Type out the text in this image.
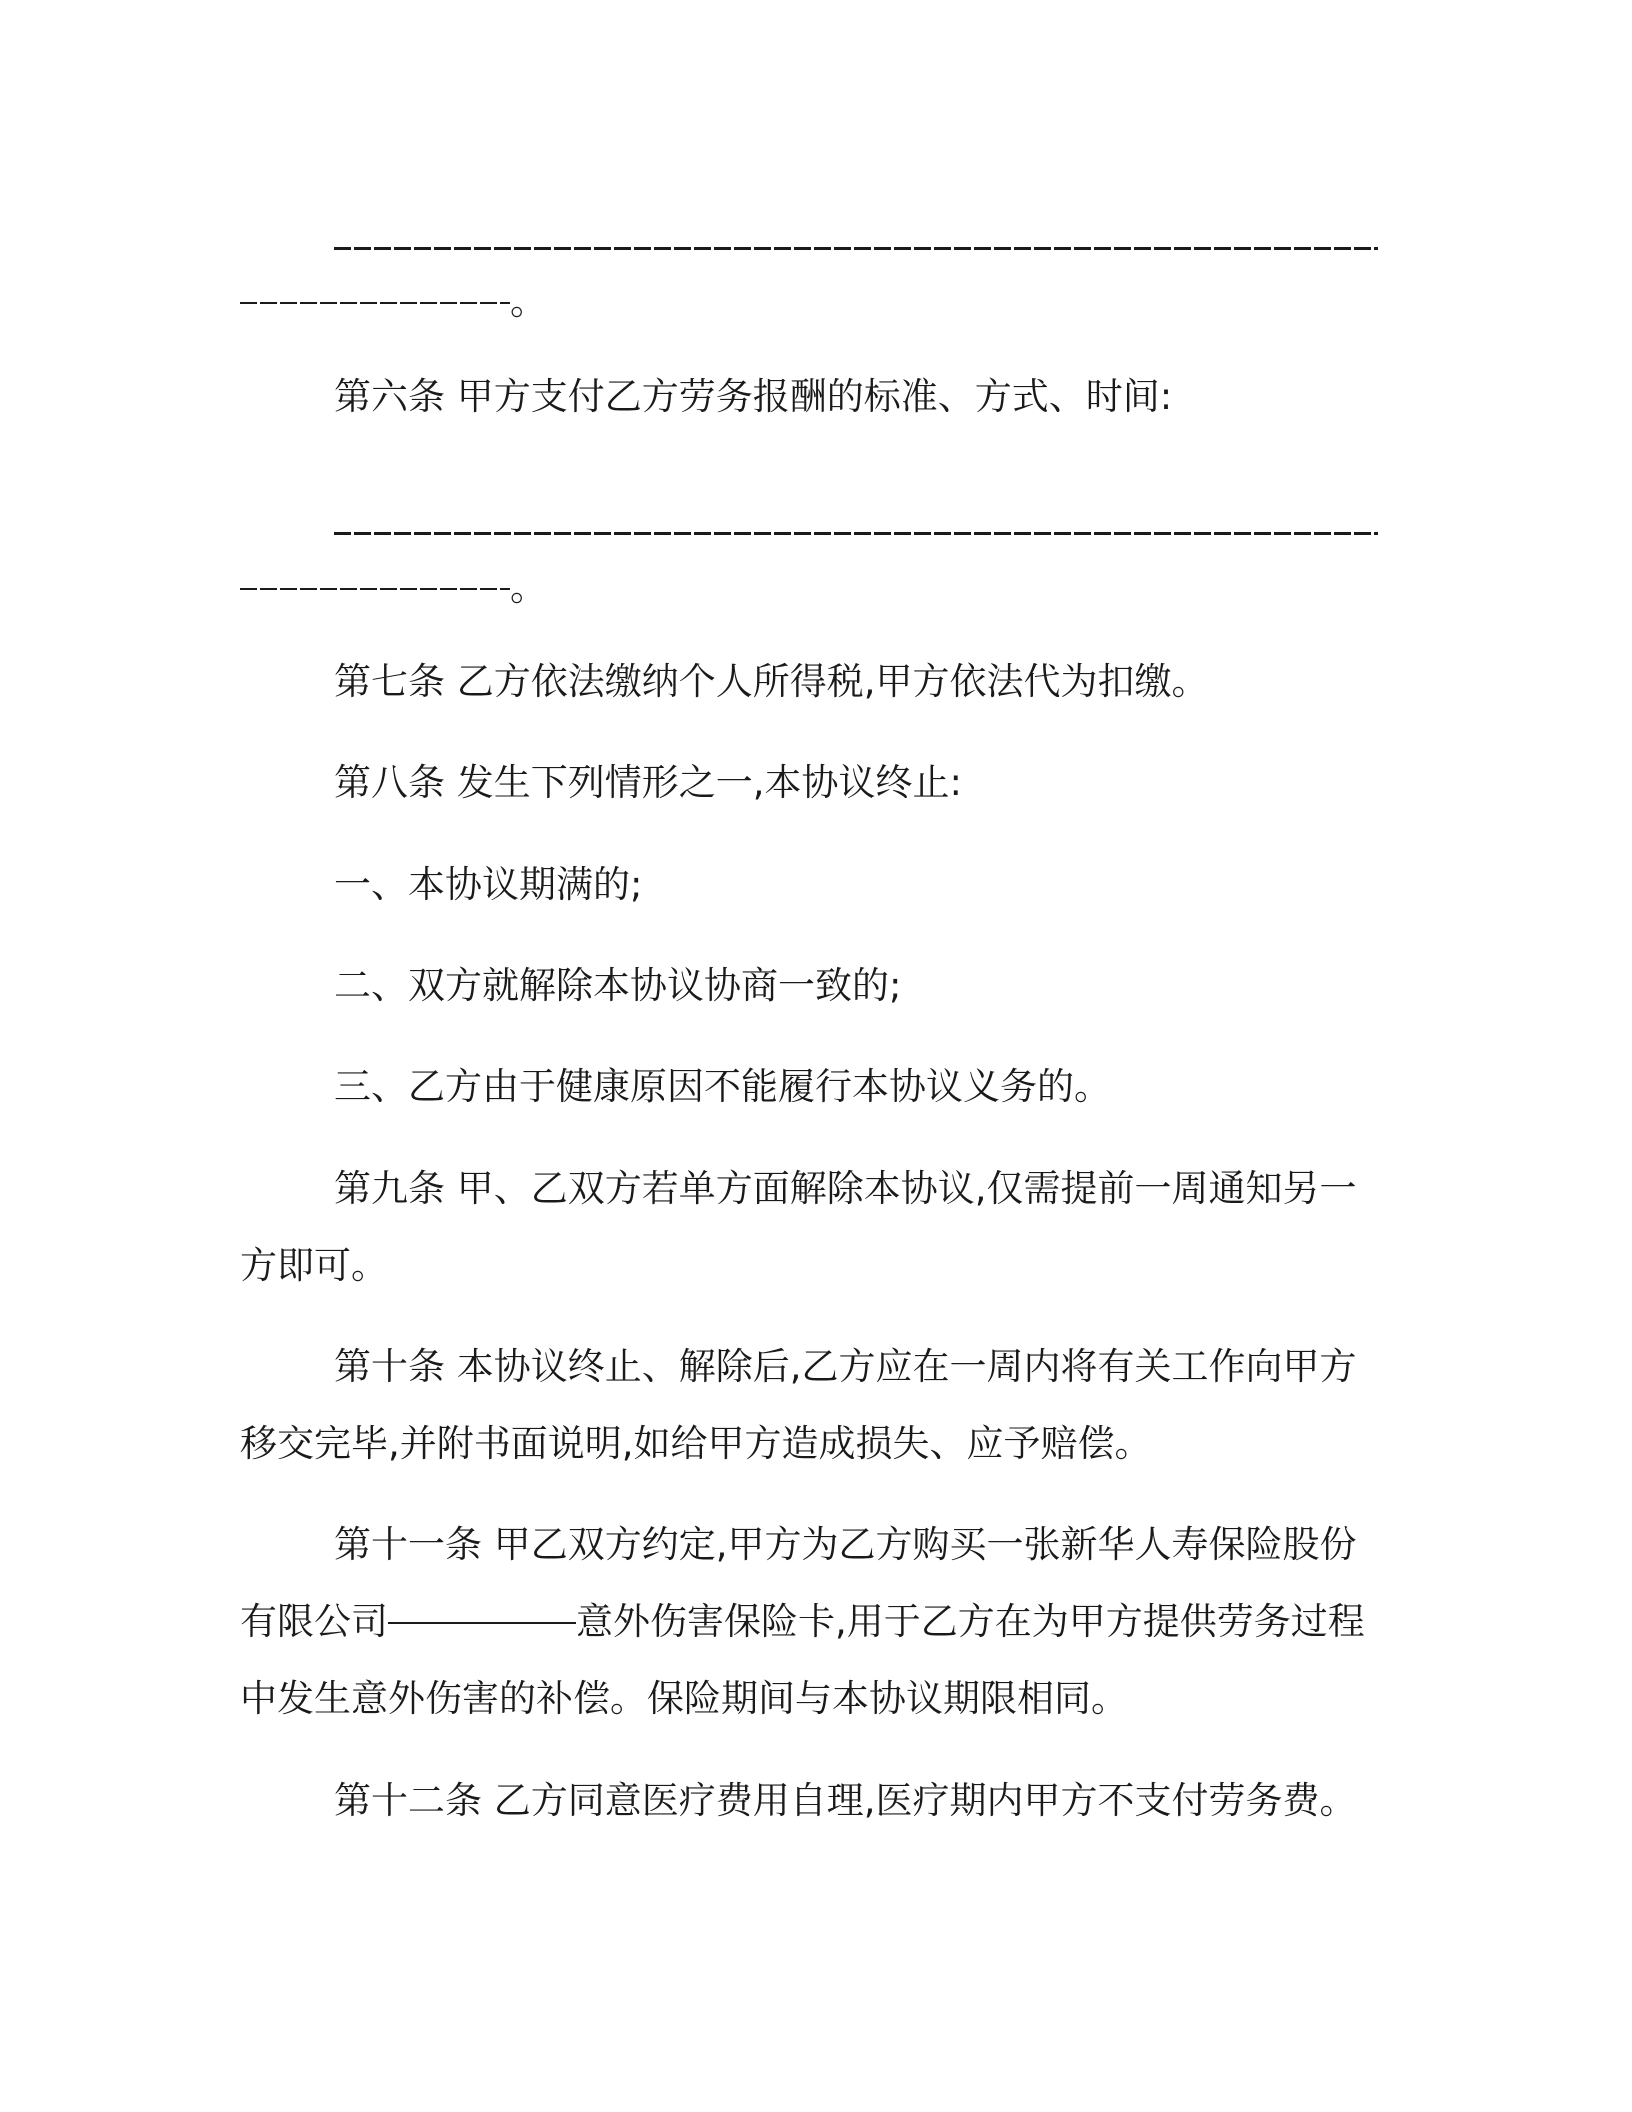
。
第六条 甲方支付乙方劳务报酬的标准、方式、时间:
。
第七条 乙方依法缴纳个人所得税,甲方依法代为扣缴。
第八条 发生下列情形之一,本协议终止:
一、本协议期满的;
二、双方就解除本协议协商一致的;
三、乙方由于健康原因不能履行本协议义务的。
第九条 甲、乙双方若单方面解除本协议,仅需提前一周通知另一
方即可。
第十条 本协议终止、解除后,乙方应在一周内将有关工作向甲方
移交完毕,并附书面说明,如给甲方造成损失、应予赔偿。
第十一条 甲乙双方约定,甲方为乙方购买一张新华人寿保险股份
有限公司	意外伤害保险卡,用于乙方在为甲方提供劳务过程
中发生意外伤害的补偿。保险期间与本协议期限相同。
第十二条 乙方同意医疗费用自理,医疗期内甲方不支付劳务费。
